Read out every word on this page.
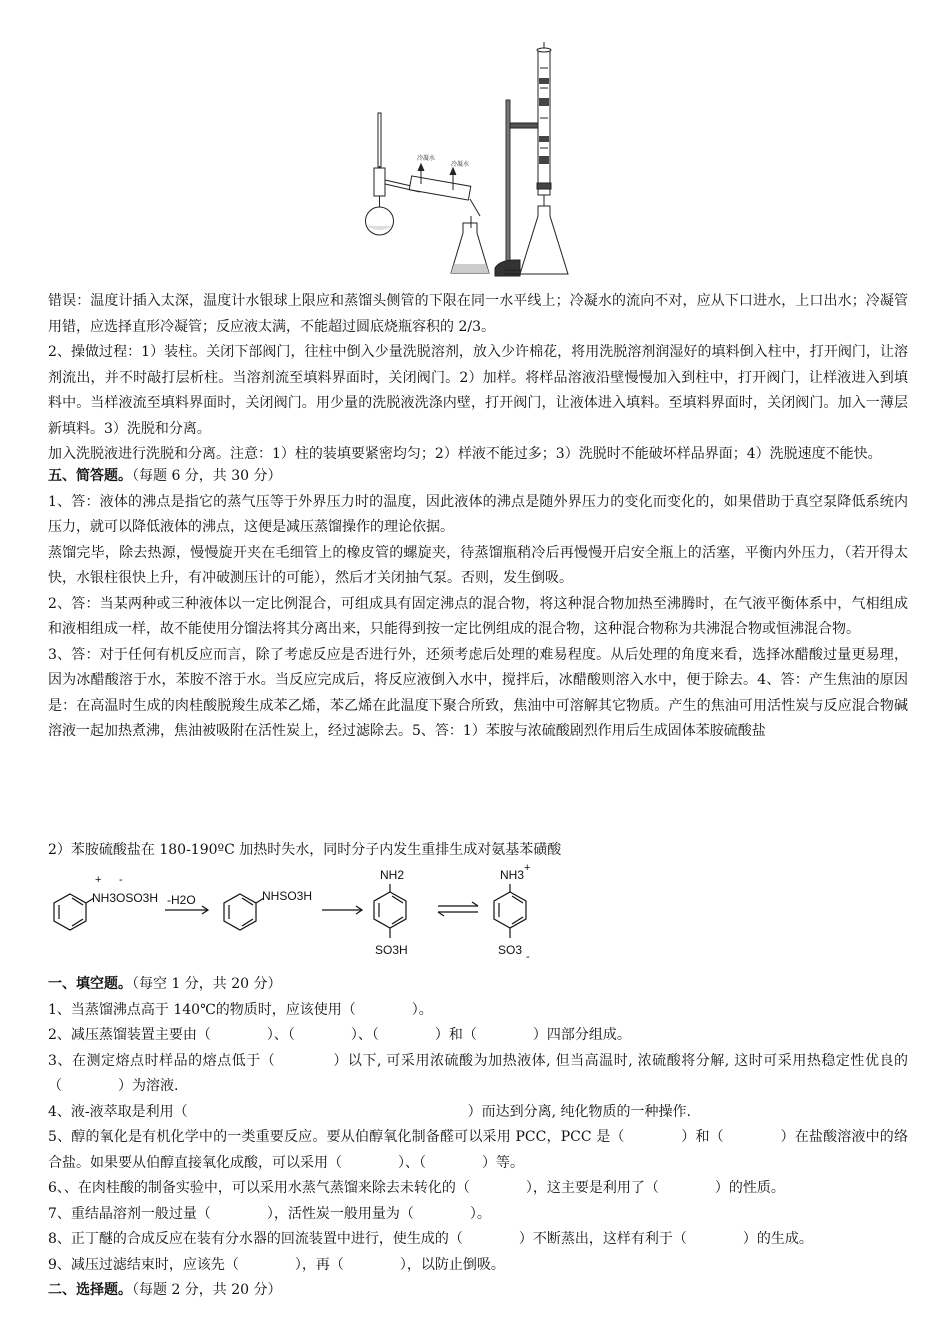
冷凝水
冷凝水

错误：温度计插入太深，温度计水银球上限应和蒸馏头侧管的下限在同一水平线上；冷凝水的流向不对，应从下口进水，上口出水；冷凝管用错，应选择直形冷凝管；反应液太满，不能超过圆底烧瓶容积的 2/3。

2、操做过程：1）装柱。关闭下部阀门，往柱中倒入少量洗脱溶剂，放入少许棉花，将用洗脱溶剂润湿好的填料倒入柱中，打开阀门，让溶剂流出，并不时敲打层析柱。当溶剂流至填料界面时，关闭阀门。2）加样。将样品溶液沿壁慢慢加入到柱中，打开阀门，让样液进入到填料中。当样液流至填料界面时，关闭阀门。用少量的洗脱液洗涤内壁，打开阀门，让液体进入填料。至填料界面时，关闭阀门。加入一薄层新填料。3）洗脱和分离。

加入洗脱液进行洗脱和分离。注意：1）柱的装填要紧密均匀；2）样液不能过多；3）洗脱时不能破坏样品界面；4）洗脱速度不能快。

五、简答题。（每题 6 分，共 30 分）

1、答：液体的沸点是指它的蒸气压等于外界压力时的温度，因此液体的沸点是随外界压力的变化而变化的，如果借助于真空泵降低系统内压力，就可以降低液体的沸点，这便是减压蒸馏操作的理论依据。

蒸馏完毕，除去热源，慢慢旋开夹在毛细管上的橡皮管的螺旋夹，待蒸馏瓶稍冷后再慢慢开启安全瓶上的活塞，平衡内外压力，（若开得太快，水银柱很快上升，有冲破测压计的可能），然后才关闭抽气泵。否则，发生倒吸。

2、答：当某两种或三种液体以一定比例混合，可组成具有固定沸点的混合物，将这种混合物加热至沸腾时，在气液平衡体系中，气相组成和液相组成一样，故不能使用分馏法将其分离出来，只能得到按一定比例组成的混合物，这种混合物称为共沸混合物或恒沸混合物。

3、答：对于任何有机反应而言，除了考虑反应是否进行外，还须考虑后处理的难易程度。从后处理的角度来看，选择冰醋酸过量更易理，因为冰醋酸溶于水，苯胺不溶于水。当反应完成后，将反应液倒入水中，搅拌后，冰醋酸则溶入水中，便于除去。4、答：产生焦油的原因是：在高温时生成的肉桂酸脱羧生成苯乙烯，苯乙烯在此温度下聚合所致，焦油中可溶解其它物质。产生的焦油可用活性炭与反应混合物碱溶液一起加热煮沸，焦油被吸附在活性炭上，经过滤除去。5、答：1）苯胺与浓硫酸剧烈作用后生成固体苯胺硫酸盐

2）苯胺硫酸盐在 180-190ºC 加热时失水，同时分子内发生重排生成对氨基苯磺酸

+ -
NH3OSO3H -H2O	NHSO3H
NH2
SO3H
NH3 +
SO3 -

一、填空题。（每空 1 分，共 20 分）

1、当蒸馏沸点高于 140℃的物质时，应该使用（　　　　）。

2、减压蒸馏装置主要由（　　　　）、（　　　　）、（　　　　）和（　　　　）四部分组成。

3、在测定熔点时样品的熔点低于（　　　　）以下, 可采用浓硫酸为加热液体, 但当高温时, 浓硫酸将分解, 这时可采用热稳定性优良的（　　　　）为溶液.

4、液-液萃取是利用（　　　　　　　　　　　　　　　　　　　　）而达到分离, 纯化物质的一种操作.

5、醇的氧化是有机化学中的一类重要反应。要从伯醇氧化制备醛可以采用 PCC，PCC 是（　　　　）和（　　　　）在盐酸溶液中的络合盐。如果要从伯醇直接氧化成酸，可以采用（　　　　）、（　　　　）等。

6、、在肉桂酸的制备实验中，可以采用水蒸气蒸馏来除去未转化的（　　　　），这主要是利用了（　　　　）的性质。

7、重结晶溶剂一般过量（　　　　），活性炭一般用量为（　　　　）。

8、正丁醚的合成反应在装有分水器的回流装置中进行，使生成的（　　　　）不断蒸出，这样有利于（　　　　）的生成。

9、减压过滤结束时，应该先（　　　　），再（　　　　），以防止倒吸。

二、选择题。（每题 2 分，共 20 分）
